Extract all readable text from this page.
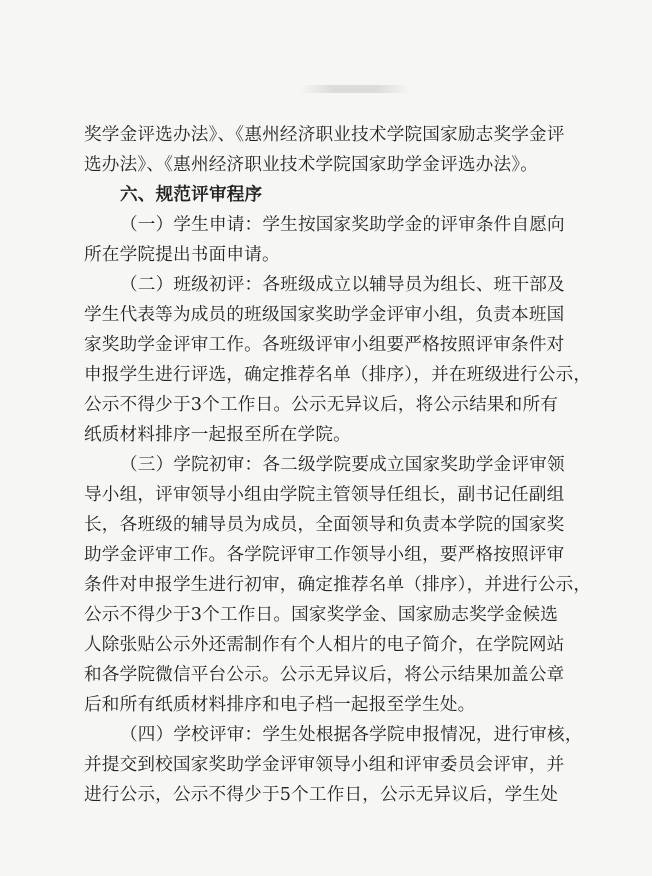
奖学金评选办法》、《惠州经济职业技术学院国家励志奖学金评
选办法》、《惠州经济职业技术学院国家助学金评选办法》。
六、规范评审程序
（一）学生申请：学生按国家奖助学金的评审条件自愿向
所在学院提出书面申请。
（二）班级初评：各班级成立以辅导员为组长、班干部及
学生代表等为成员的班级国家奖助学金评审小组，负责本班国
家奖助学金评审工作。各班级评审小组要严格按照评审条件对
申报学生进行评选，确定推荐名单（排序），并在班级进行公示，
公示不得少于3个工作日。公示无异议后，将公示结果和所有
纸质材料排序一起报至所在学院。
（三）学院初审：各二级学院要成立国家奖助学金评审领
导小组，评审领导小组由学院主管领导任组长，副书记任副组
长，各班级的辅导员为成员，全面领导和负责本学院的国家奖
助学金评审工作。各学院评审工作领导小组，要严格按照评审
条件对申报学生进行初审，确定推荐名单（排序），并进行公示，
公示不得少于3个工作日。国家奖学金、国家励志奖学金候选
人除张贴公示外还需制作有个人相片的电子简介，在学院网站
和各学院微信平台公示。公示无异议后，将公示结果加盖公章
后和所有纸质材料排序和电子档一起报至学生处。
（四）学校评审：学生处根据各学院申报情况，进行审核，
并提交到校国家奖助学金评审领导小组和评审委员会评审，并
进行公示，公示不得少于5个工作日，公示无异议后，学生处
